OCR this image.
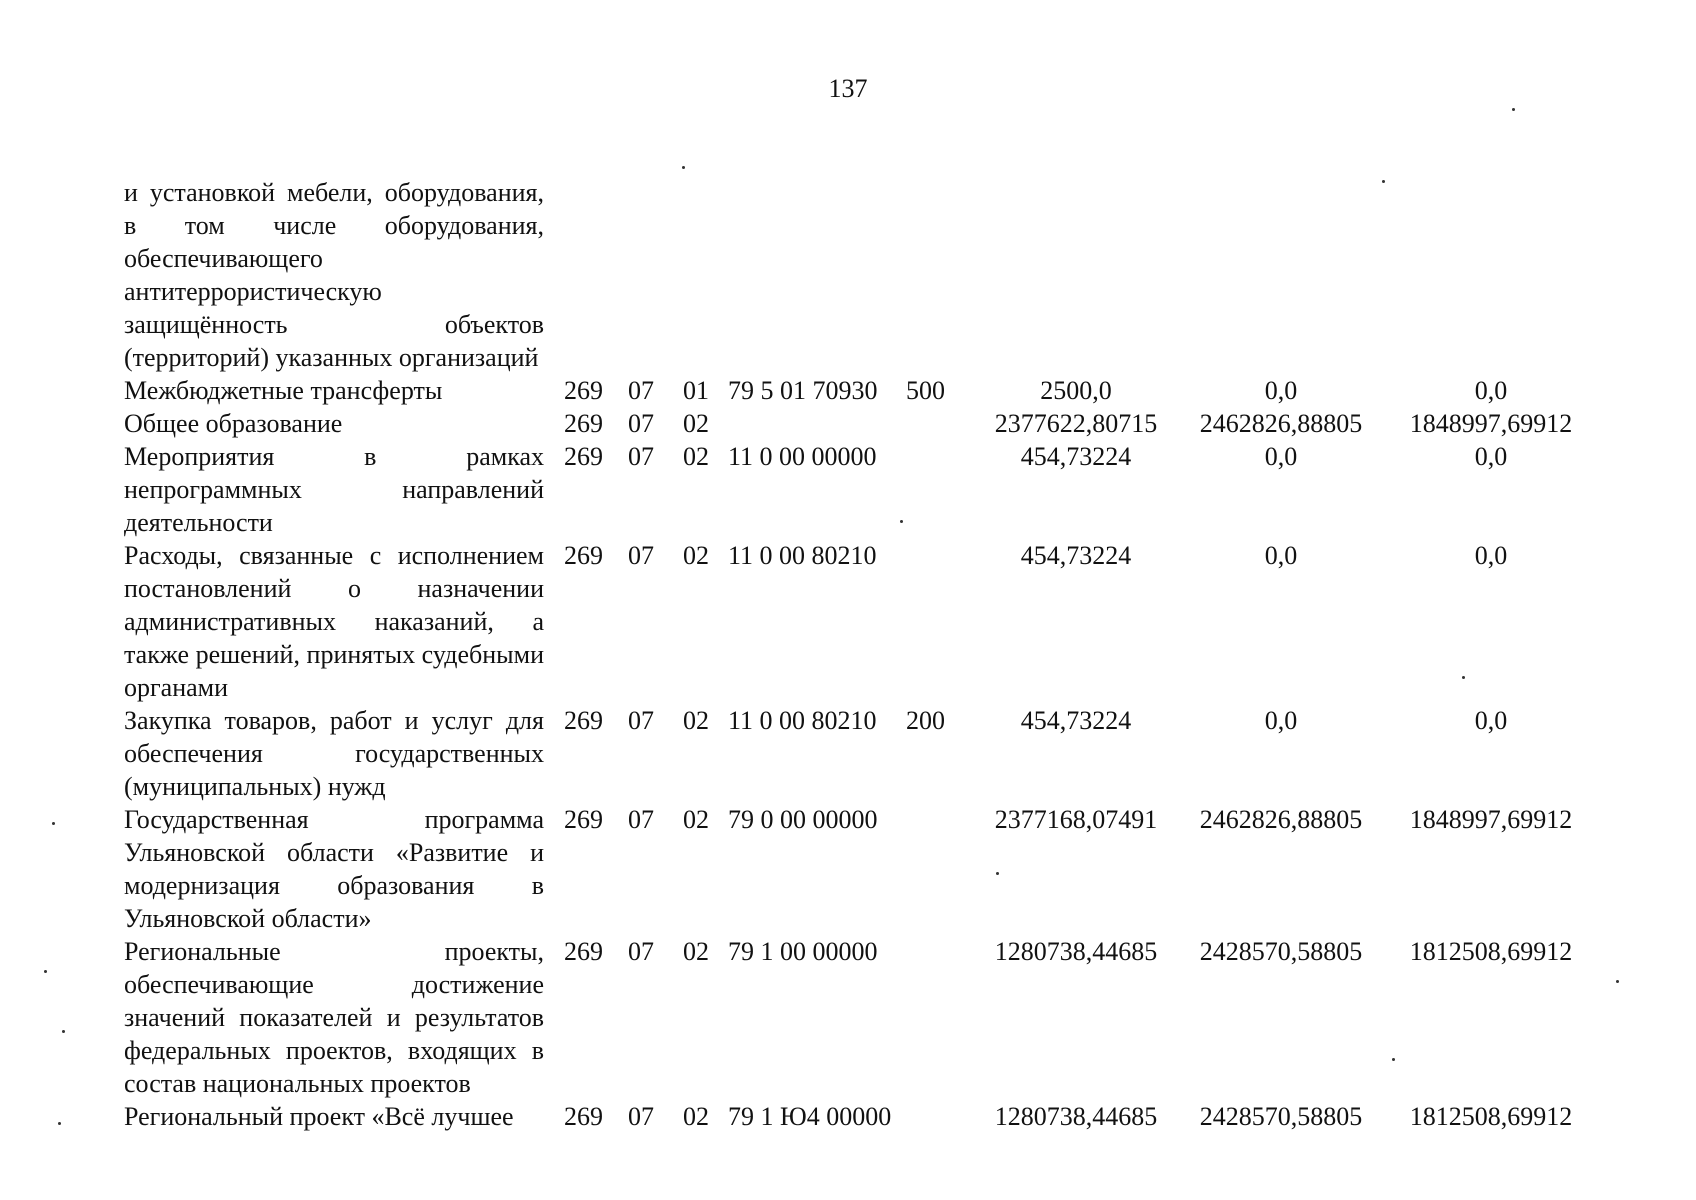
137
и установкой мебели, оборудования, в том числе оборудования, обеспечивающего антитеррористическую защищённость объектов (территорий) указанных организаций								
Межбюджетные трансферты	269	07	01	79 5 01 70930	500	2500,0	0,0	0,0
Общее образование	269	07	02			2377622,80715	2462826,88805	1848997,69912
Мероприятия в рамках непрограммных направлений деятельности	269	07	02	11 0 00 00000		454,73224	0,0	0,0
Расходы, связанные с исполнением постановлений о назначении административных наказаний, а также решений, принятых судебными органами	269	07	02	11 0 00 80210		454,73224	0,0	0,0
Закупка товаров, работ и услуг для обеспечения государственных (муниципальных) нужд	269	07	02	11 0 00 80210	200	454,73224	0,0	0,0
Государственная программа Ульяновской области «Развитие и модернизация образования в Ульяновской области»	269	07	02	79 0 00 00000		2377168,07491	2462826,88805	1848997,69912
Региональные проекты, обеспечивающие достижение значений показателей и результатов федеральных проектов, входящих в состав национальных проектов	269	07	02	79 1 00 00000		1280738,44685	2428570,58805	1812508,69912
Региональный проект «Всё лучшее	269	07	02	79 1 Ю4 00000		1280738,44685	2428570,58805	1812508,69912
